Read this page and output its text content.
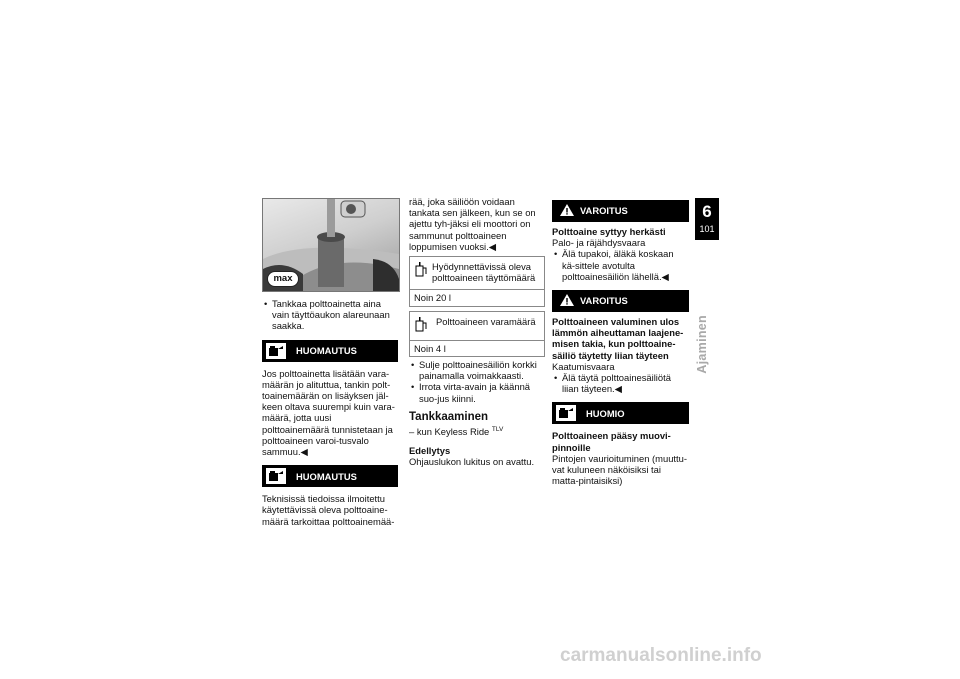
max
• Tankkaa polttoainetta aina vain täyttöaukon alareunaan saakka.
HUOMAUTUS

Jos polttoainetta lisätään vara-määrän jo alituttua, tankin polt-toainemäärän on lisäyksen jäl-keen oltava suurempi kuin vara-määrä, jotta uusi polttoainemäärä tunnistetaan ja polttoaineen varoi-tusvalo sammuu.◀

HUOMAUTUS

Teknisissä tiedoissa ilmoitettu käytettävissä oleva polttoaine-määrä tarkoittaa polttoainemää-

rää, joka säiliöön voidaan tankata sen jälkeen, kun se on ajettu tyh-jäksi eli moottori on sammunut polttoaineen loppumisen vuoksi.◀

Hyödynnettävissä oleva polttoaineen täyttömäärä
Noin 20 l
Polttoaineen varamäärä
Noin 4 l
• Sulje polttoainesäiliön korkki painamalla voimakkaasti.
• Irrota virta-avain ja käännä suo-jus kiinni.
Tankkaaminen

– kun Keyless Ride $^{TLV}$

Edellytys

Ohjauslukon lukitus on avattu.

VAROITUS

Polttoaine syttyy herkästi

Palo- ja räjähdysvaara

• Älä tupakoi, äläkä koskaan kä-sittele avotulta polttoainesäiliön lähellä.◀
VAROITUS

Polttoaineen valuminen ulos lämmön aiheuttaman laajene-misen takia, kun polttoaine-säiliö täytetty liian täyteen

Kaatumisvaara

• Älä täytä polttoainesäiliötä liian täyteen.◀
HUOMIO

Polttoaineen pääsy muovi-pinnoille

Pintojen vaurioituminen (muuttu-vat kuluneen näköisiksi tai matta-pintaisiksi)

6
101
Ajaminen
carmanualsonline.info
